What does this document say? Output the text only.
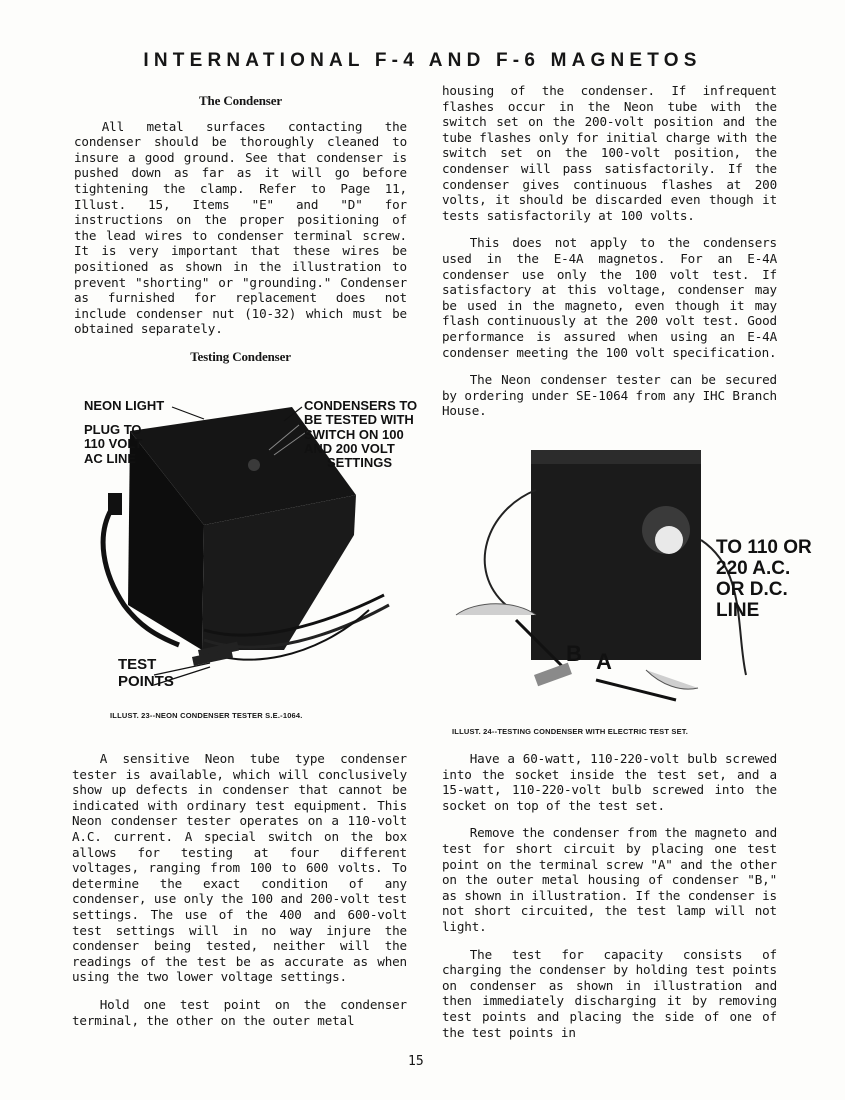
INTERNATIONAL F-4 AND F-6 MAGNETOS
The Condenser

All metal surfaces contacting the condenser should be thoroughly cleaned to insure a good ground. See that condenser is pushed down as far as it will go before tightening the clamp. Refer to Page 11, Illust. 15, Items "E" and "D" for instructions on the proper positioning of the lead wires to condenser terminal screw. It is very important that these wires be positioned as shown in the illustration to prevent "shorting" or "grounding." Condenser as furnished for replacement does not include condenser nut (10-32) which must be obtained separately.

Testing Condenser
NEON LIGHT
PLUG TO
110 VOLT
AC LINE
CONDENSERS TO
BE TESTED WITH
SWITCH ON 100
AND 200 VOLT
SETTINGS
TEST
POINTS
ILLUST. 23--NEON CONDENSER TESTER S.E.-1064.

A sensitive Neon tube type condenser tester is available, which will conclusively show up defects in condenser that cannot be indicated with ordinary test equipment. This Neon condenser tester operates on a 110-volt A.C. current. A special switch on the box allows for testing at four different voltages, ranging from 100 to 600 volts. To determine the exact condition of any condenser, use only the 100 and 200-volt test settings. The use of the 400 and 600-volt test settings will in no way injure the condenser being tested, neither will the readings of the test be as accurate as when using the two lower voltage settings.

Hold one test point on the condenser terminal, the other on the outer metal

housing of the condenser. If infrequent flashes occur in the Neon tube with the switch set on the 200-volt position and the tube flashes only for initial charge with the switch set on the 100-volt position, the condenser will pass satisfactorily. If the condenser gives continuous flashes at 200 volts, it should be discarded even though it tests satisfactorily at 100 volts.

This does not apply to the condensers used in the E-4A magnetos. For an E-4A condenser use only the 100 volt test. If satisfactory at this voltage, condenser may be used in the magneto, even though it may flash continuously at the 200 volt test. Good performance is assured when using an E-4A condenser meeting the 100 volt specification.

The Neon condenser tester can be secured by ordering under SE-1064 from any IHC Branch House.

TO 110 OR
220 A.C.
OR D.C.
LINE
B A
ILLUST. 24--TESTING CONDENSER WITH ELECTRIC TEST SET.

Have a 60-watt, 110-220-volt bulb screwed into the socket inside the test set, and a 15-watt, 110-220-volt bulb screwed into the socket on top of the test set.

Remove the condenser from the magneto and test for short circuit by placing one test point on the terminal screw "A" and the other on the outer metal housing of condenser "B," as shown in illustration. If the condenser is not short circuited, the test lamp will not light.

The test for capacity consists of charging the condenser by holding test points on condenser as shown in illustration and then immediately discharging it by removing test points and placing the side of one of the test points in

15
